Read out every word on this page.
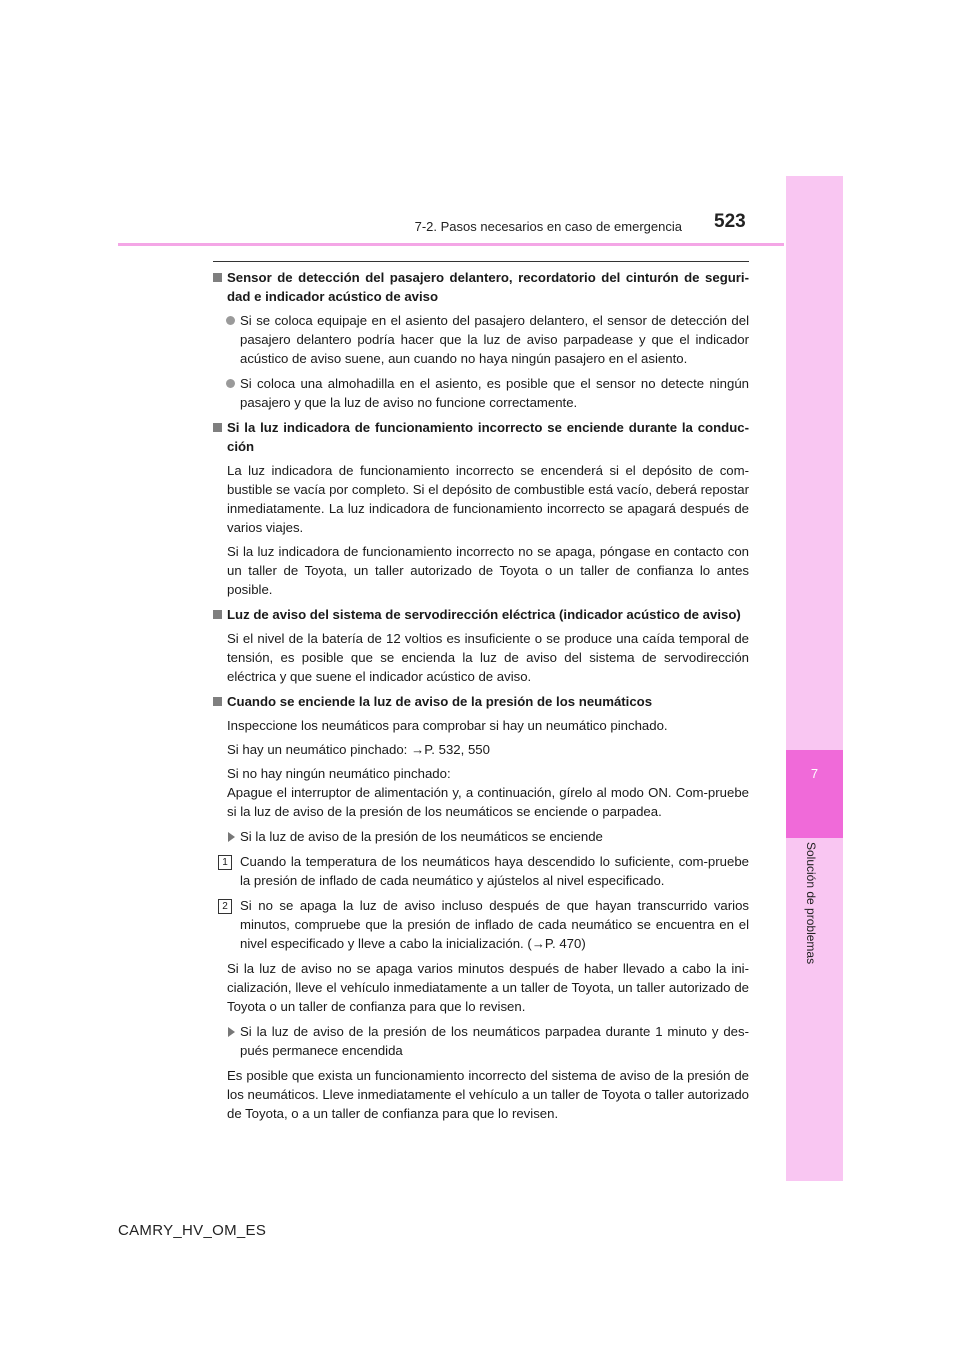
7
Solución de problemas
7-2. Pasos necesarios en caso de emergencia 523

Sensor de detección del pasajero delantero, recordatorio del cinturón de seguri-dad e indicador acústico de aviso

Si se coloca equipaje en el asiento del pasajero delantero, el sensor de detección del pasajero delantero podría hacer que la luz de aviso parpadease y que el indicador acústico de aviso suene, aun cuando no haya ningún pasajero en el asiento.

Si coloca una almohadilla en el asiento, es posible que el sensor no detecte ningún pasajero y que la luz de aviso no funcione correctamente.

Si la luz indicadora de funcionamiento incorrecto se enciende durante la conduc-ción

La luz indicadora de funcionamiento incorrecto se encenderá si el depósito de com-bustible se vacía por completo. Si el depósito de combustible está vacío, deberá repostar inmediatamente. La luz indicadora de funcionamiento incorrecto se apagará después de varios viajes.

Si la luz indicadora de funcionamiento incorrecto no se apaga, póngase en contacto con un taller de Toyota, un taller autorizado de Toyota o un taller de confianza lo antes posible.

Luz de aviso del sistema de servodirección eléctrica (indicador acústico de aviso)

Si el nivel de la batería de 12 voltios es insuficiente o se produce una caída temporal de tensión, es posible que se encienda la luz de aviso del sistema de servodirección eléctrica y que suene el indicador acústico de aviso.

Cuando se enciende la luz de aviso de la presión de los neumáticos

Inspeccione los neumáticos para comprobar si hay un neumático pinchado.

Si hay un neumático pinchado: →P. 532, 550

Si no hay ningún neumático pinchado:

Apague el interruptor de alimentación y, a continuación, gírelo al modo ON. Com-pruebe si la luz de aviso de la presión de los neumáticos se enciende o parpadea.

Si la luz de aviso de la presión de los neumáticos se enciende

1 Cuando la temperatura de los neumáticos haya descendido lo suficiente, com-pruebe la presión de inflado de cada neumático y ajústelos al nivel especificado.

2 Si no se apaga la luz de aviso incluso después de que hayan transcurrido varios minutos, compruebe que la presión de inflado de cada neumático se encuentra en el nivel especificado y lleve a cabo la inicialización. (→P. 470)

Si la luz de aviso no se apaga varios minutos después de haber llevado a cabo la ini-cialización, lleve el vehículo inmediatamente a un taller de Toyota, un taller autorizado de Toyota o un taller de confianza para que lo revisen.

Si la luz de aviso de la presión de los neumáticos parpadea durante 1 minuto y des-pués permanece encendida

Es posible que exista un funcionamiento incorrecto del sistema de aviso de la presión de los neumáticos. Lleve inmediatamente el vehículo a un taller de Toyota o taller autorizado de Toyota, o a un taller de confianza para que lo revisen.

CAMRY_HV_OM_ES
